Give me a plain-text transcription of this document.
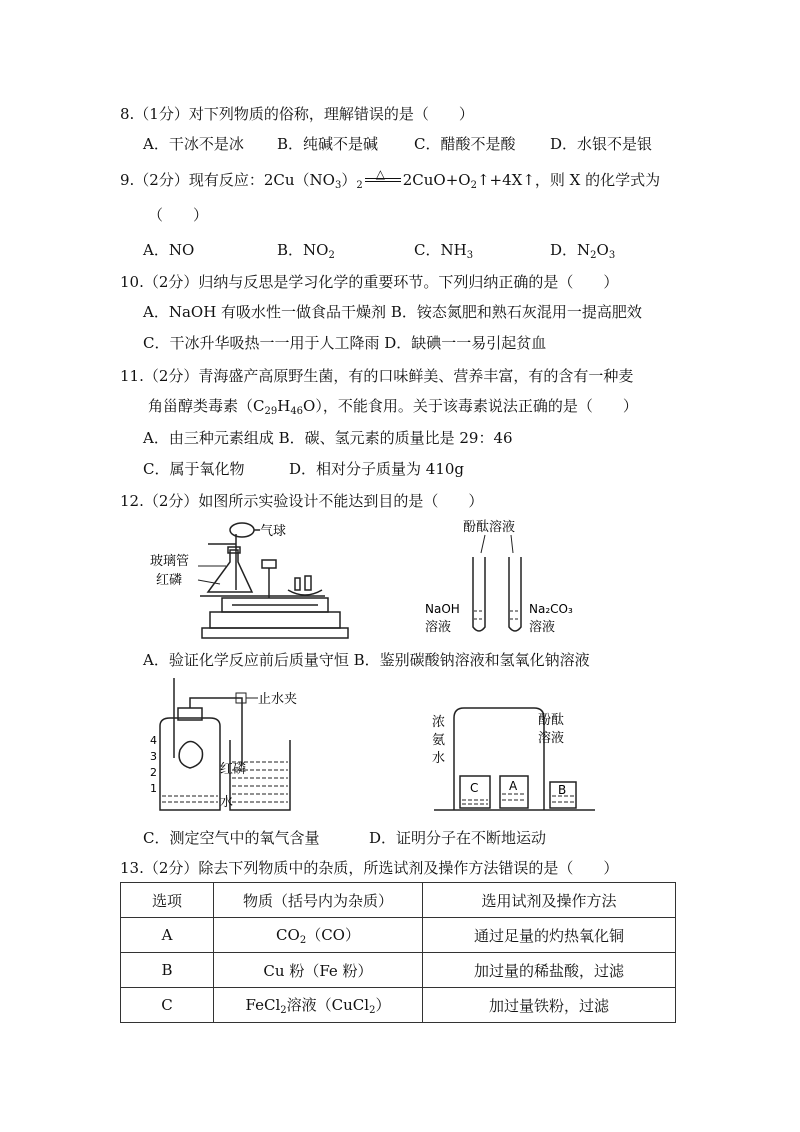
8.（1分）对下列物质的俗称，理解错误的是（　　）
A．干冰不是冰 B．纯碱不是碱 C．醋酸不是酸 D．水银不是银
9.（2分）现有反应：$2Cu(NO_3)_2$
△ $2CuO+O_2↑+4X↑$，则 X 的化学式为
（　　）
A．NO	B．$NO_2$	C．$NH_3$	D．$N_2O_3$
10.（2分）归纳与反思是学习化学的重要环节。下列归纳正确的是（　　）
A．NaOH 有吸水性一做食品干燥剂 B．铵态氮肥和熟石灰混用一提高肥效
C．干冰升华吸热一一用于人工降雨 D．缺碘一一易引起贫血
11.（2分）青海盛产高原野生菌，有的口味鲜美、营养丰富，有的含有一种麦
角甾醇类毒素$(C_{29}H_{46}O)$，不能食用。关于该毒素说法正确的是（　　）
A．由三种元素组成 B．碳、氢元素的质量比是 29：46
C．属于氧化物	D．相对分子质量为 410g
12.（2分）如图所示实验设计不能达到目的是（　　）
气球
玻璃管
红磷
酚酞溶液
NaOH
溶液
Na₂CO₃
溶液
A．验证化学反应前后质量守恒 B．鉴别碳酸钠溶液和氢氧化钠溶液
止水夹
4
3
2
1
红磷
水
浓
氨
水
酚酞
溶液
C	A	B
C．测定空气中的氧气含量	D．证明分子在不断地运动
13.（2分）除去下列物质中的杂质，所选试剂及操作方法错误的是（　　）
选项	物质（括号内为杂质）	选用试剂及操作方法
A	$CO_2(CO)$	通过足量的灼热氧化铜
B	Cu 粉（Fe 粉）	加过量的稀盐酸，过滤
C	FeCl$_2$溶液（CuCl$_2$）	加过量铁粉，过滤
